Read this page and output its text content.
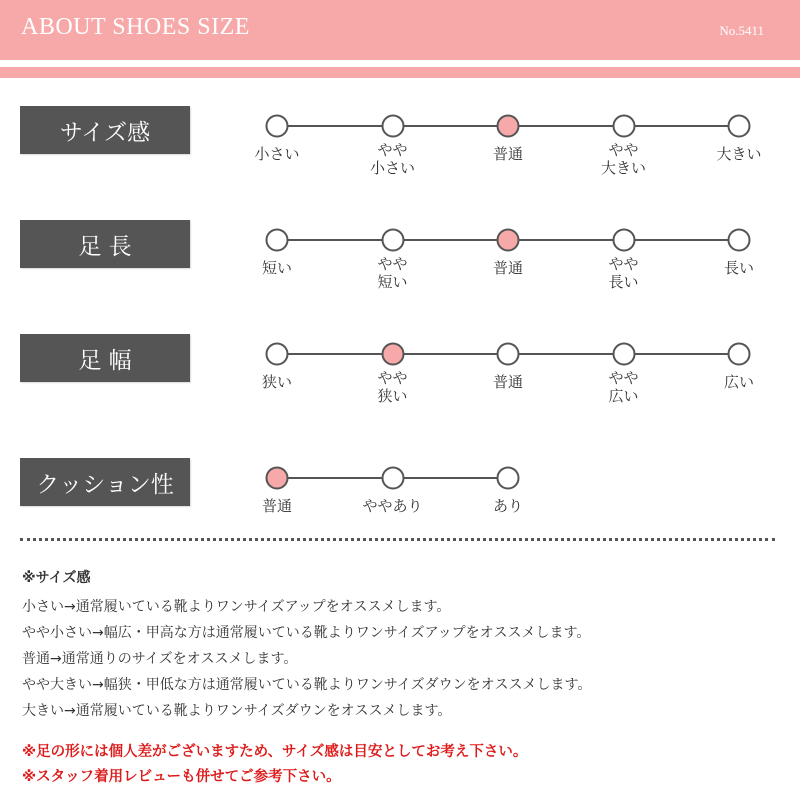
ABOUT SHOES SIZE	No.5411
サイズ感
小さい	やや
小さい
普通	やや
大きい
大きい
足 長
短い	やや
短い
普通	やや
長い
長い
足 幅
狭い	やや
狭い
普通	やや
広い
広い
クッション性
普通	ややあり	あり
※サイズ感
小さい→通常履いている靴よりワンサイズアップをオススメします。
やや小さい→幅広・甲高な方は通常履いている靴よりワンサイズアップをオススメします。
普通→通常通りのサイズをオススメします。
やや大きい→幅狭・甲低な方は通常履いている靴よりワンサイズダウンをオススメします。
大きい→通常履いている靴よりワンサイズダウンをオススメします。
※足の形には個人差がございますため、サイズ感は目安としてお考え下さい。
※スタッフ着用レビューも併せてご参考下さい。
